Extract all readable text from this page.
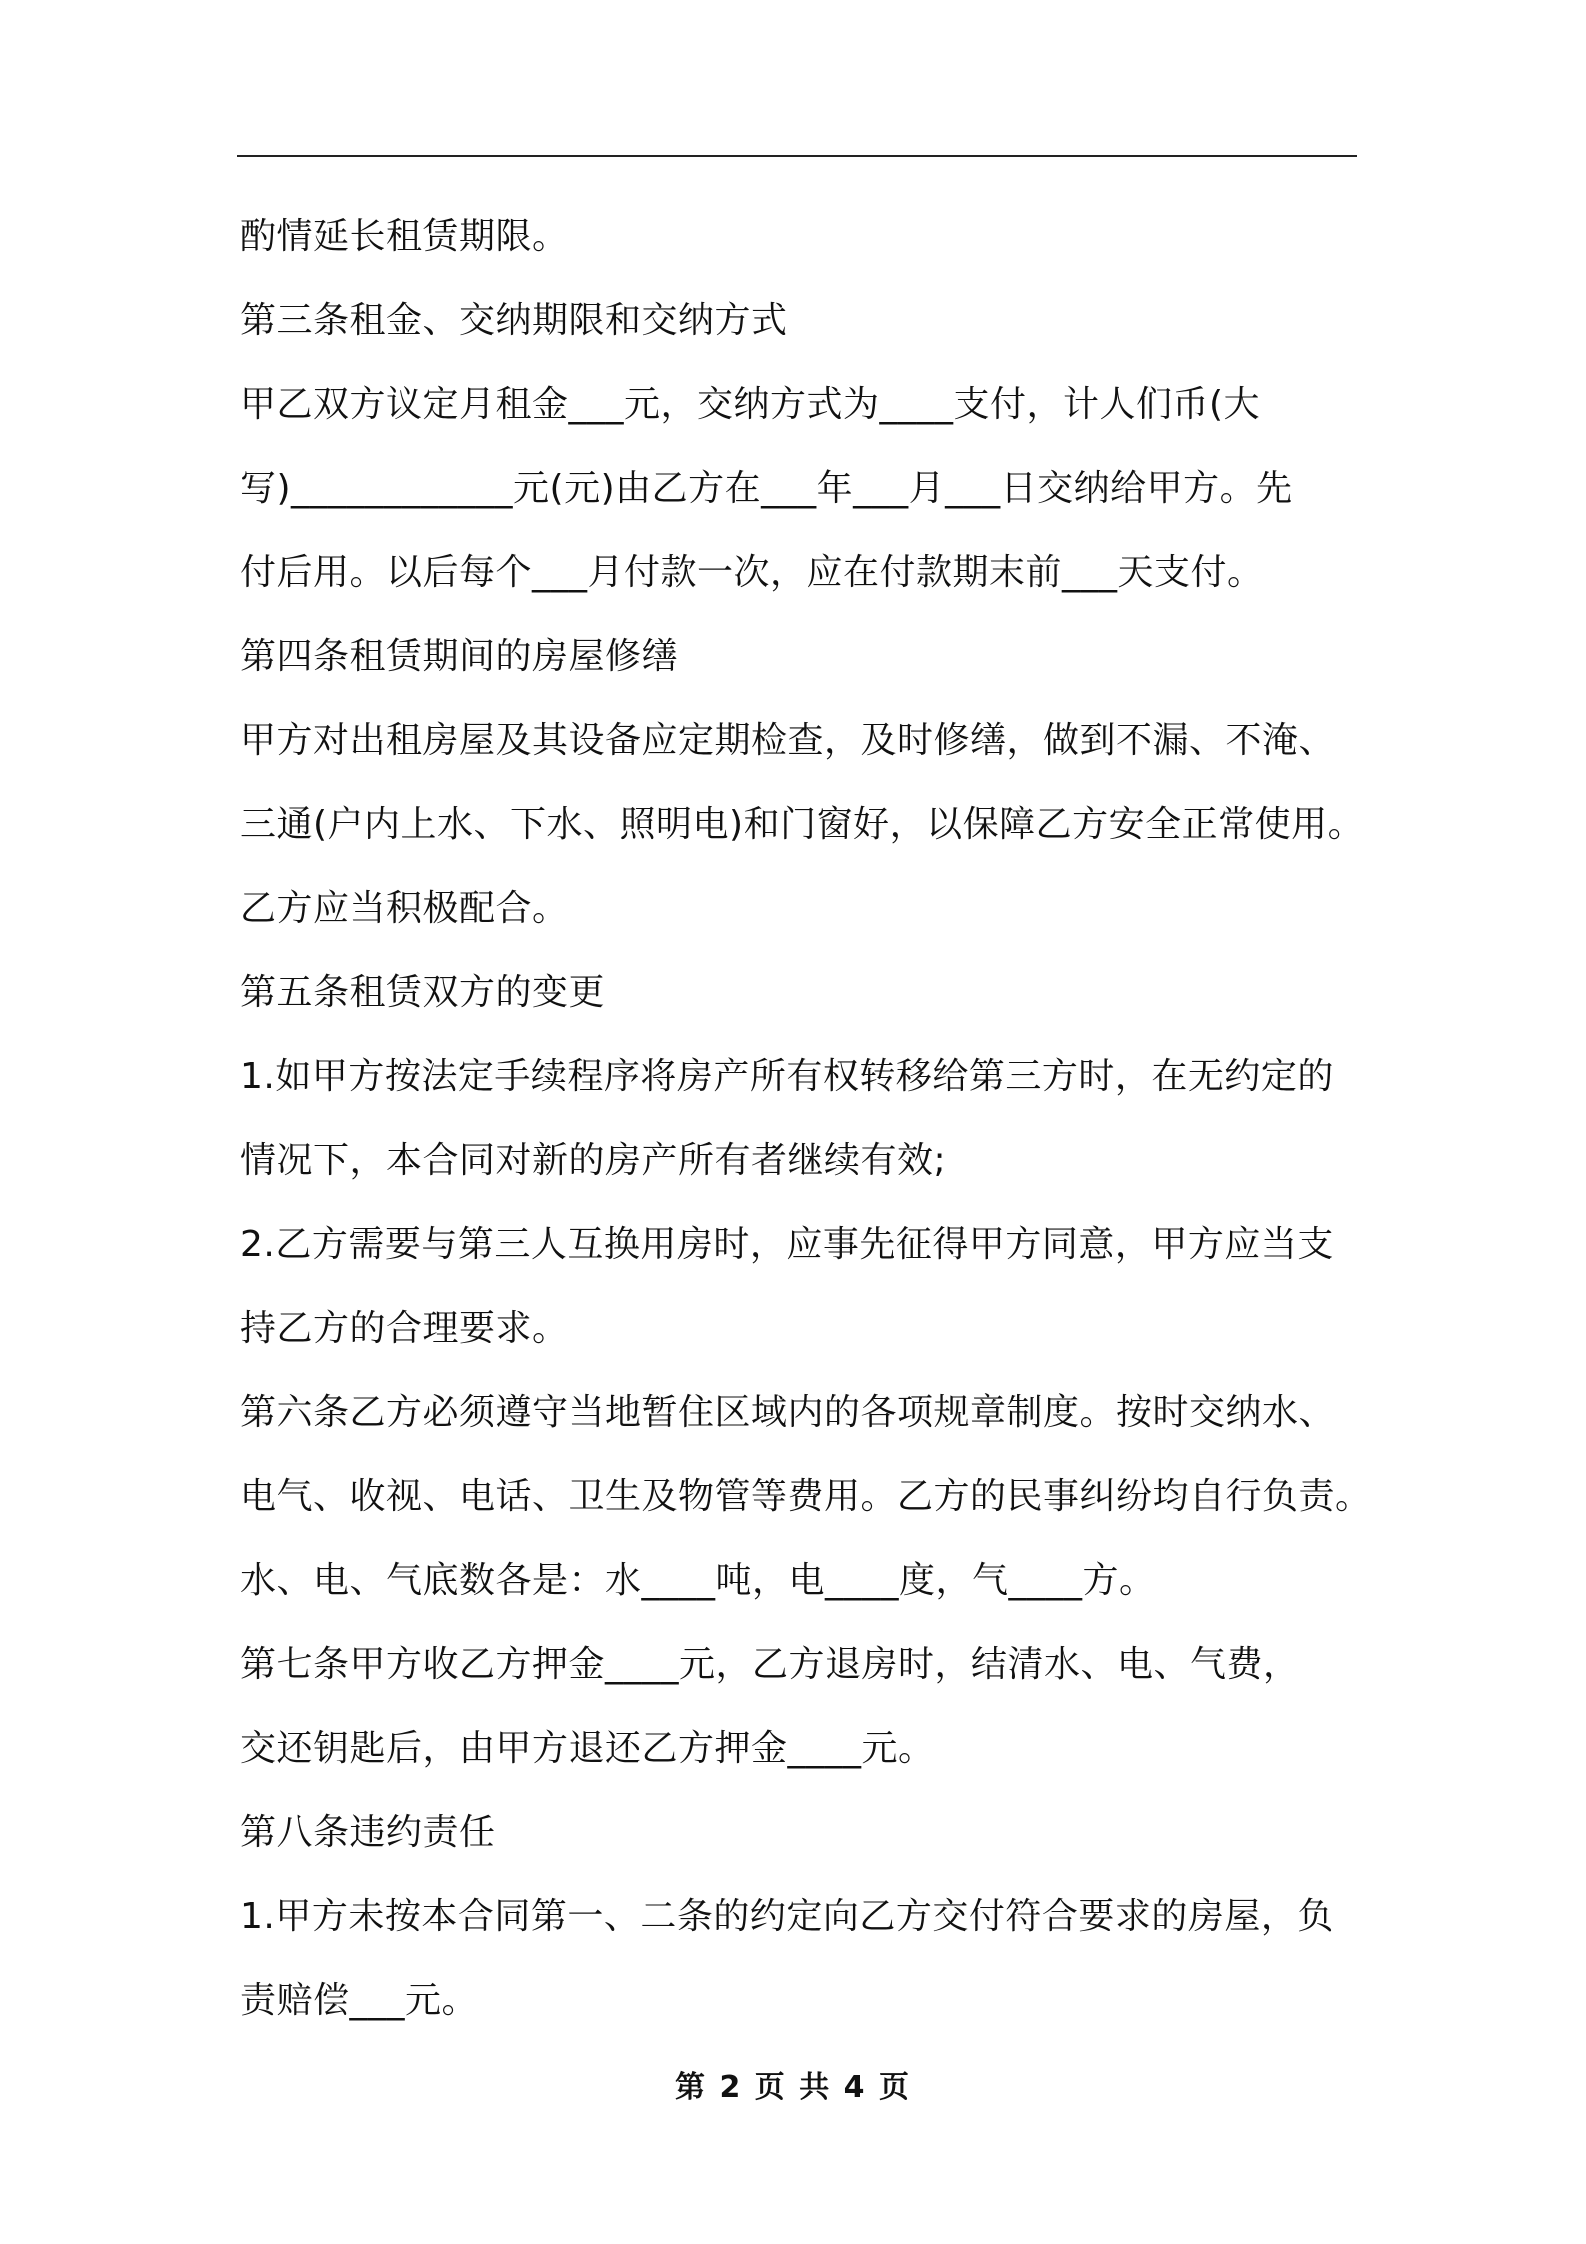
酌情延长租赁期限。
第三条租金、交纳期限和交纳方式
甲乙双方议定月租金___元，交纳方式为____支付，计人们币(大
写)____________元(元)由乙方在___年___月___日交纳给甲方。先
付后用。以后每个___月付款一次，应在付款期末前___天支付。
第四条租赁期间的房屋修缮
甲方对出租房屋及其设备应定期检查，及时修缮，做到不漏、不淹、
三通(户内上水、下水、照明电)和门窗好，以保障乙方安全正常使用。
乙方应当积极配合。
第五条租赁双方的变更
1.如甲方按法定手续程序将房产所有权转移给第三方时，在无约定的
情况下，本合同对新的房产所有者继续有效;
2.乙方需要与第三人互换用房时，应事先征得甲方同意，甲方应当支
持乙方的合理要求。
第六条乙方必须遵守当地暂住区域内的各项规章制度。按时交纳水、
电气、收视、电话、卫生及物管等费用。乙方的民事纠纷均自行负责。
水、电、气底数各是：水____吨，电____度，气____方。
第七条甲方收乙方押金____元，乙方退房时，结清水、电、气费，
交还钥匙后，由甲方退还乙方押金____元。
第八条违约责任
1.甲方未按本合同第一、二条的约定向乙方交付符合要求的房屋，负
责赔偿___元。
第 2 页 共 4 页
